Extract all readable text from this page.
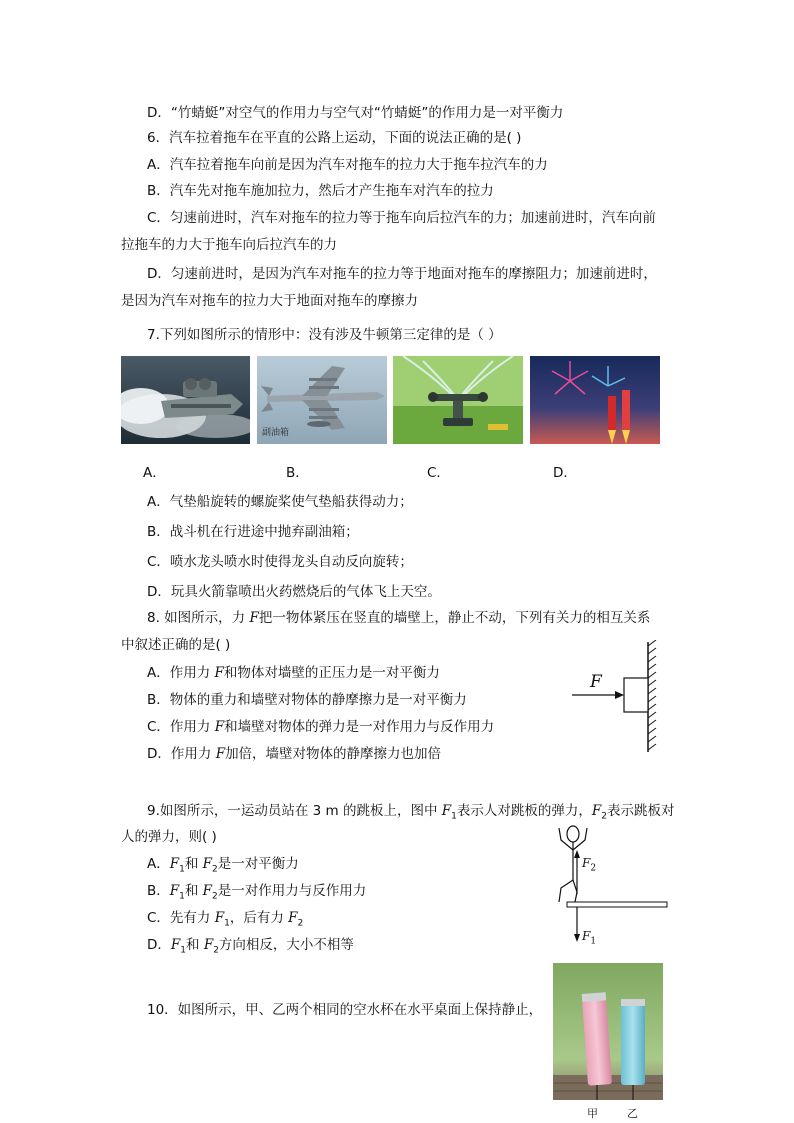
D．“竹蜻蜓”对空气的作用力与空气对“竹蜻蜓”的作用力是一对平衡力
6．汽车拉着拖车在平直的公路上运动，下面的说法正确的是( )
A．汽车拉着拖车向前是因为汽车对拖车的拉力大于拖车拉汽车的力
B．汽车先对拖车施加拉力，然后才产生拖车对汽车的拉力
C．匀速前进时，汽车对拖车的拉力等于拖车向后拉汽车的力；加速前进时，汽车向前
拉拖车的力大于拖车向后拉汽车的力
D．匀速前进时，是因为汽车对拖车的拉力等于地面对拖车的摩擦阻力；加速前进时，
是因为汽车对拖车的拉力大于地面对拖车的摩擦力
7.下列如图所示的情形中：没有涉及牛顿第三定律的是（ ）
副油箱
A．	B．	C．	D．
A．气垫船旋转的螺旋桨使气垫船获得动力；
B．战斗机在行进途中抛弃副油箱；
C．喷水龙头喷水时使得龙头自动反向旋转；
D．玩具火箭靠喷出火药燃烧后的气体飞上天空。
8. 如图所示，力 F把一物体紧压在竖直的墙壁上，静止不动，下列有关力的相互关系
中叙述正确的是( )
A．作用力 F和物体对墙壁的正压力是一对平衡力
B．物体的重力和墙壁对物体的静摩擦力是一对平衡力
C．作用力 F和墙壁对物体的弹力是一对作用力与反作用力
D．作用力 F加倍，墙壁对物体的静摩擦力也加倍
F
9.如图所示，一运动员站在 3 m 的跳板上，图中 $F_1$表示人对跳板的弹力，$F_2$表示跳板对
人的弹力，则( )
A．$F_1$和 $F_2$是一对平衡力
B．$F_1$和 $F_2$是一对作用力与反作用力
C．先有力 $F_1$，后有力 $F_2$
D．$F_1$和 $F_2$方向相反，大小不相等
$F_2$
$F_1$
10．如图所示，甲、乙两个相同的空水杯在水平桌面上保持静止，
甲	乙
